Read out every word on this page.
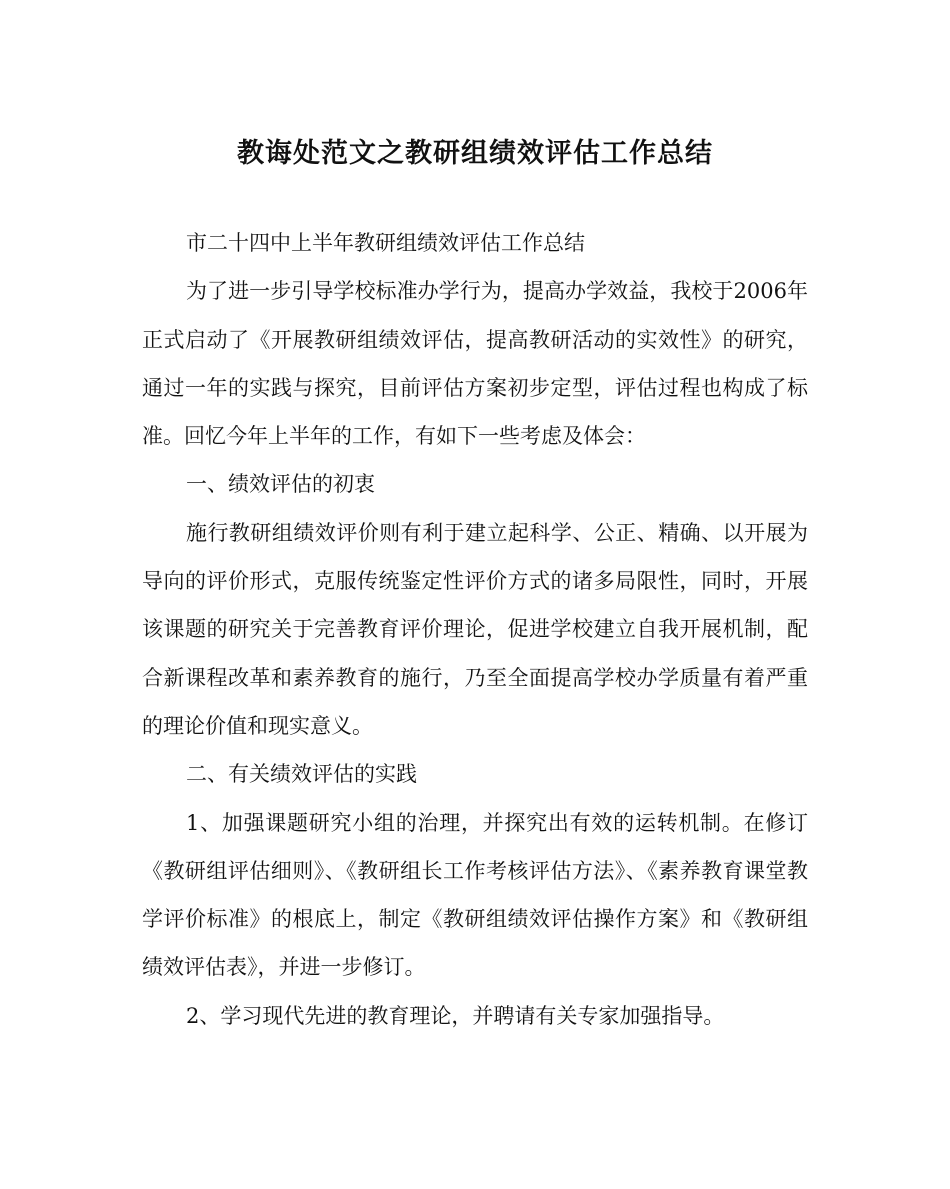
教诲处范文之教研组绩效评估工作总结

市二十四中上半年教研组绩效评估工作总结

为了进一步引导学校标准办学行为，提高办学效益，我校于2006年正式启动了《开展教研组绩效评估，提高教研活动的实效性》的研究，通过一年的实践与探究，目前评估方案初步定型，评估过程也构成了标准。回忆今年上半年的工作，有如下一些考虑及体会：

一、绩效评估的初衷

施行教研组绩效评价则有利于建立起科学、公正、精确、以开展为导向的评价形式，克服传统鉴定性评价方式的诸多局限性，同时，开展该课题的研究关于完善教育评价理论，促进学校建立自我开展机制，配合新课程改革和素养教育的施行，乃至全面提高学校办学质量有着严重的理论价值和现实意义。

二、有关绩效评估的实践

1、加强课题研究小组的治理，并探究出有效的运转机制。在修订《教研组评估细则》、《教研组长工作考核评估方法》、《素养教育课堂教学评价标准》的根底上，制定《教研组绩效评估操作方案》和《教研组绩效评估表》，并进一步修订。

2、学习现代先进的教育理论，并聘请有关专家加强指导。
